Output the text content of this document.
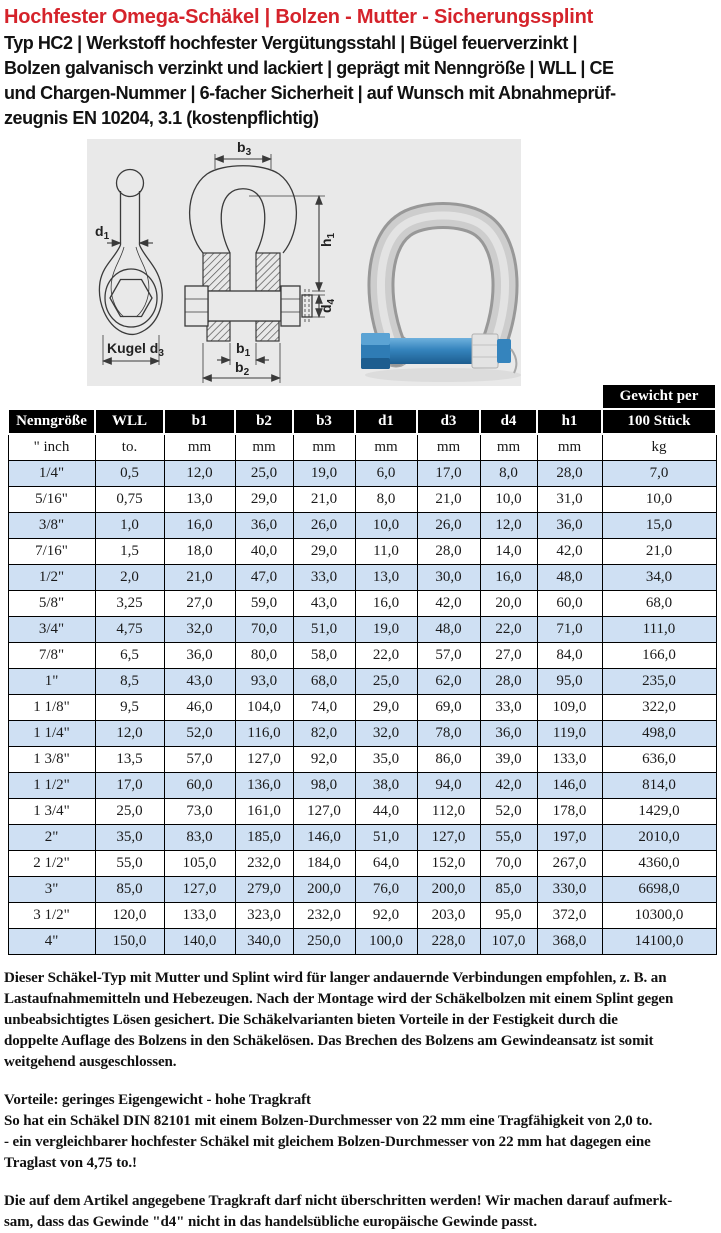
Hochfester Omega-Schäkel | Bolzen - Mutter - Sicherungssplint
Typ HC2 | Werkstoff hochfester Vergütungsstahl | Bügel feuerverzinkt |
Bolzen galvanisch verzinkt und lackiert | geprägt mit Nenngröße | WLL | CE
und Chargen-Nummer | 6-facher Sicherheit | auf Wunsch mit Abnahmeprüf-
zeugnis EN 10204, 3.1 (kostenpflichtig)
$d_1$
Kugel $d_3$
$b_3$
$h_1$
$d_4$
$b_1$
$b_2$
Nenngröße	WLL	b1	b2	b3	d1	d3	d4	h1	Gewicht per
100 Stück
" inch	to.	mm	mm	mm	mm	mm	mm	mm	kg
1/4"	0,5	12,0	25,0	19,0	6,0	17,0	8,0	28,0	7,0
5/16"	0,75	13,0	29,0	21,0	8,0	21,0	10,0	31,0	10,0
3/8"	1,0	16,0	36,0	26,0	10,0	26,0	12,0	36,0	15,0
7/16"	1,5	18,0	40,0	29,0	11,0	28,0	14,0	42,0	21,0
1/2"	2,0	21,0	47,0	33,0	13,0	30,0	16,0	48,0	34,0
5/8"	3,25	27,0	59,0	43,0	16,0	42,0	20,0	60,0	68,0
3/4"	4,75	32,0	70,0	51,0	19,0	48,0	22,0	71,0	111,0
7/8"	6,5	36,0	80,0	58,0	22,0	57,0	27,0	84,0	166,0
1"	8,5	43,0	93,0	68,0	25,0	62,0	28,0	95,0	235,0
1 1/8"	9,5	46,0	104,0	74,0	29,0	69,0	33,0	109,0	322,0
1 1/4"	12,0	52,0	116,0	82,0	32,0	78,0	36,0	119,0	498,0
1 3/8"	13,5	57,0	127,0	92,0	35,0	86,0	39,0	133,0	636,0
1 1/2"	17,0	60,0	136,0	98,0	38,0	94,0	42,0	146,0	814,0
1 3/4"	25,0	73,0	161,0	127,0	44,0	112,0	52,0	178,0	1429,0
2"	35,0	83,0	185,0	146,0	51,0	127,0	55,0	197,0	2010,0
2 1/2"	55,0	105,0	232,0	184,0	64,0	152,0	70,0	267,0	4360,0
3"	85,0	127,0	279,0	200,0	76,0	200,0	85,0	330,0	6698,0
3 1/2"	120,0	133,0	323,0	232,0	92,0	203,0	95,0	372,0	10300,0
4"	150,0	140,0	340,0	250,0	100,0	228,0	107,0	368,0	14100,0

Dieser Schäkel-Typ mit Mutter und Splint wird für langer andauernde Verbindungen empfohlen, z. B. an
Lastaufnahmemitteln und Hebezeugen. Nach der Montage wird der Schäkelbolzen mit einem Splint gegen
unbeabsichtigtes Lösen gesichert. Die Schäkelvarianten bieten Vorteile in der Festigkeit durch die
doppelte Auflage des Bolzens in den Schäkelösen. Das Brechen des Bolzens am Gewindeansatz ist somit
weitgehend ausgeschlossen.

Vorteile: geringes Eigengewicht - hohe Tragkraft
So hat ein Schäkel DIN 82101 mit einem Bolzen-Durchmesser von 22 mm eine Tragfähigkeit von 2,0 to.
- ein vergleichbarer hochfester Schäkel mit gleichem Bolzen-Durchmesser von 22 mm hat dagegen eine
Traglast von 4,75 to.!

Die auf dem Artikel angegebene Tragkraft darf nicht überschritten werden! Wir machen darauf aufmerk-
sam, dass das Gewinde "d4" nicht in das handelsübliche europäische Gewinde passt.
